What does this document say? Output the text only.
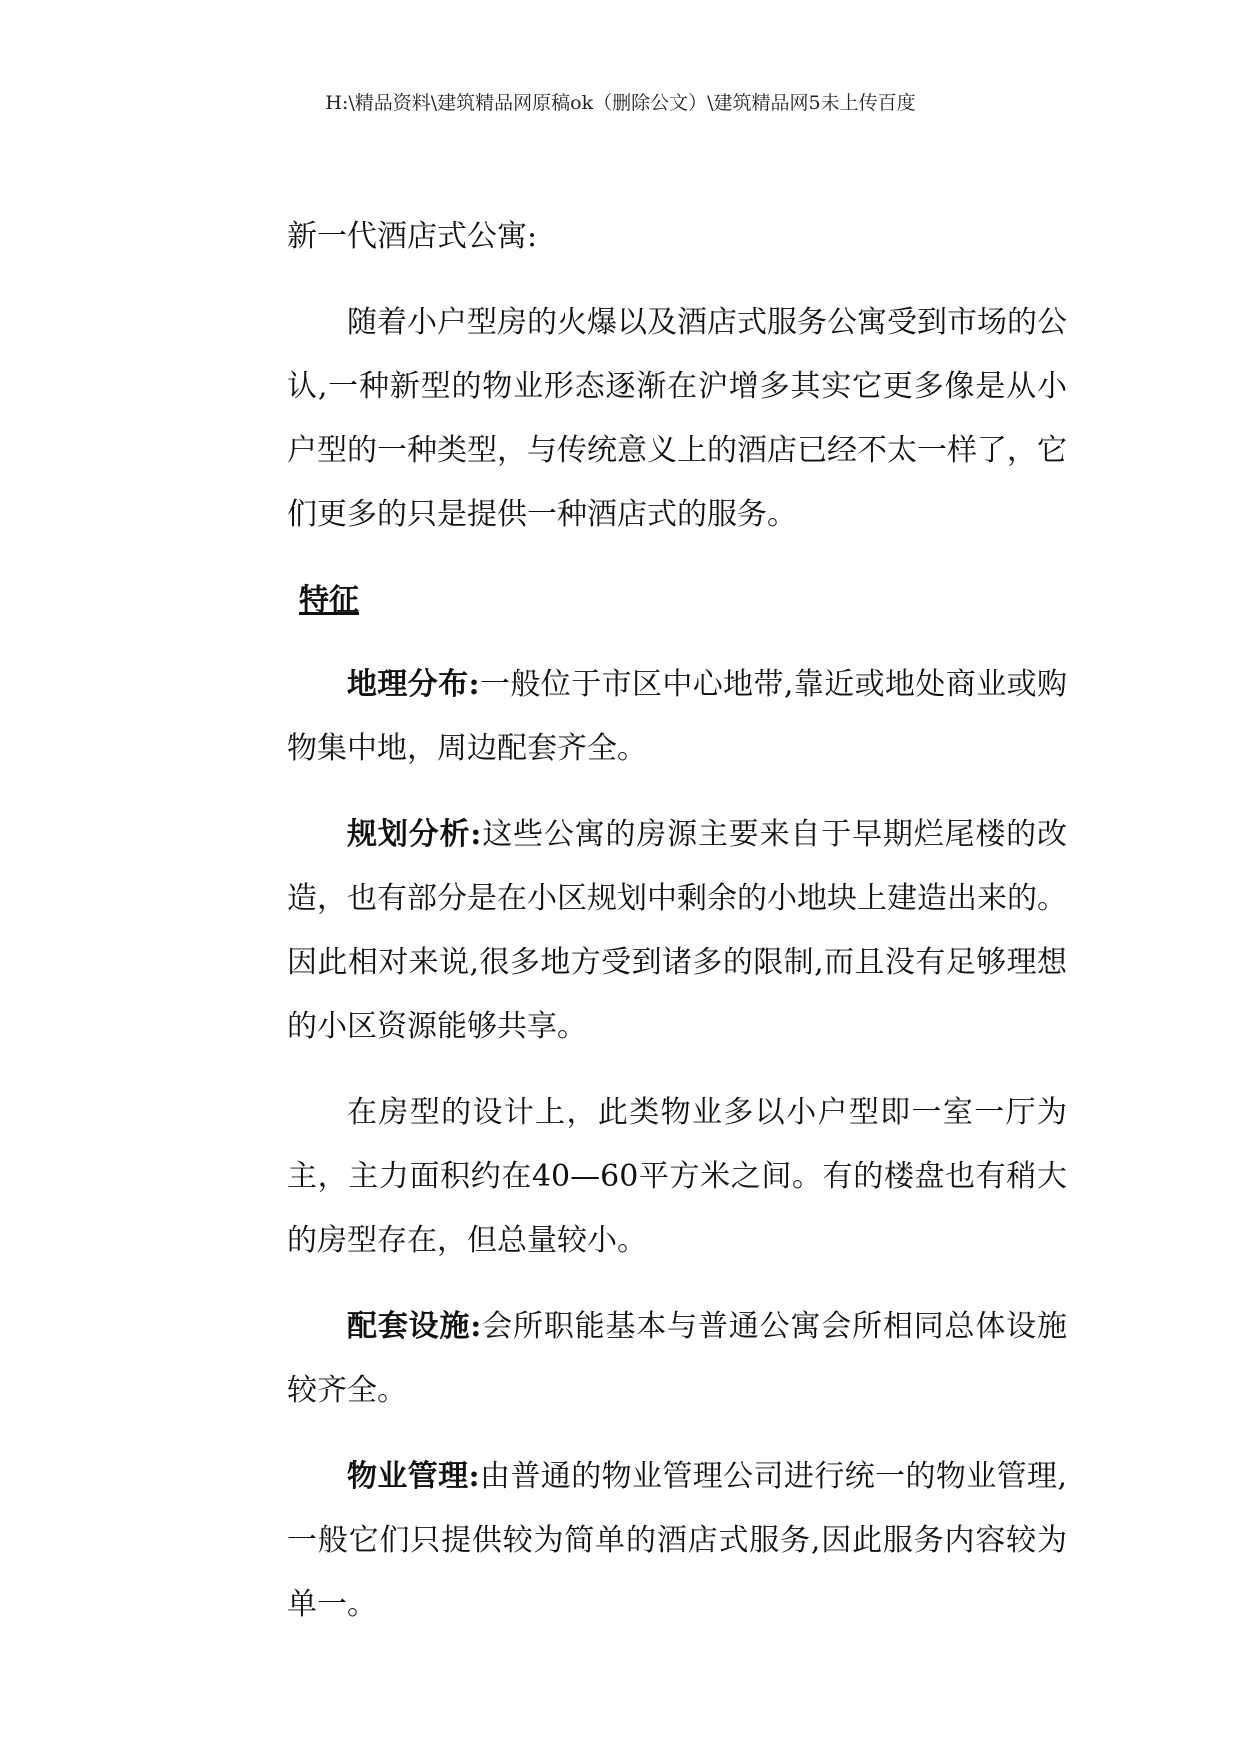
H:\精品资料\建筑精品网原稿ok（删除公文）\建筑精品网5未上传百度

新一代酒店式公寓:

随着小户型房的火爆以及酒店式服务公寓受到市场的公认,一种新型的物业形态逐渐在沪增多其实它更多像是从小户型的一种类型，与传统意义上的酒店已经不太一样了，它们更多的只是提供一种酒店式的服务。

特征

地理分布:一般位于市区中心地带,靠近或地处商业或购物集中地，周边配套齐全。

规划分析:这些公寓的房源主要来自于早期烂尾楼的改造，也有部分是在小区规划中剩余的小地块上建造出来的。因此相对来说,很多地方受到诸多的限制,而且没有足够理想的小区资源能够共享。

在房型的设计上，此类物业多以小户型即一室一厅为主，主力面积约在40—60平方米之间。有的楼盘也有稍大的房型存在，但总量较小。

配套设施:会所职能基本与普通公寓会所相同总体设施较齐全。

物业管理:由普通的物业管理公司进行统一的物业管理,一般它们只提供较为简单的酒店式服务,因此服务内容较为单一。
